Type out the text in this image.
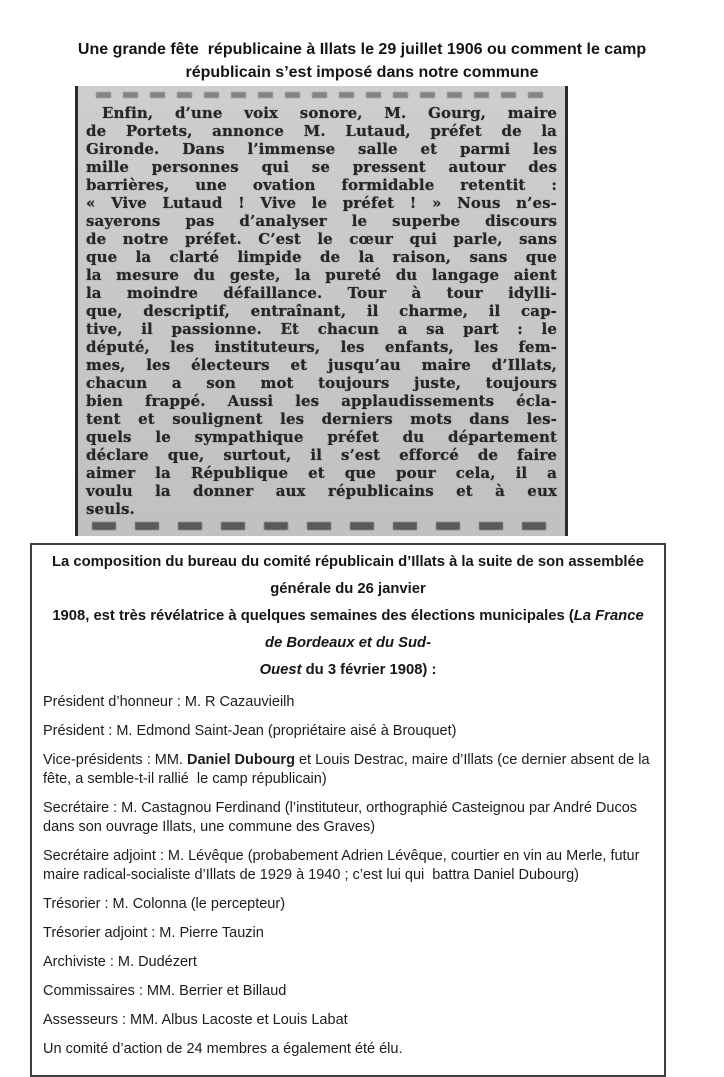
Une grande fête  républicaine à Illats le 29 juillet 1906 ou comment le camp
républicain s’est imposé dans notre commune
Enfin, d’une voix sonore, M. Gourg, maire
de Portets, annonce M. Lutaud, préfet de la
Gironde. Dans l’immense salle et parmi les
mille personnes qui se pressent autour des
barrières, une ovation formidable retentit :
« Vive Lutaud ! Vive le préfet ! » Nous n’es-
sayerons pas d’analyser le superbe discours
de notre préfet. C’est le cœur qui parle, sans
que la clarté limpide de la raison, sans que
la mesure du geste, la pureté du langage aient
la moindre défaillance. Tour à tour idylli-
que, descriptif, entraînant, il charme, il cap-
tive, il passionne. Et chacun a sa part : le
député, les instituteurs, les enfants, les fem-
mes, les électeurs et jusqu’au maire d’Illats,
chacun a son mot toujours juste, toujours
bien frappé. Aussi les applaudissements écla-
tent et soulignent les derniers mots dans les-
quels le sympathique préfet du département
déclare que, surtout, il s’est efforcé de faire
aimer la République et que pour cela, il a
voulu la donner aux républicains et à eux
seuls.
La composition du bureau du comité républicain d’Illats à la suite de son assemblée générale du 26 janvier
1908, est très révélatrice à quelques semaines des élections municipales (La France de Bordeaux et du Sud-
Ouest du 3 février 1908) :

Président d’honneur : M. R Cazauvieilh

Président : M. Edmond Saint-Jean (propriétaire aisé à Brouquet)

Vice-présidents : MM. Daniel Dubourg et Louis Destrac, maire d’Illats (ce dernier absent de la fête, a semble-t-il rallié  le camp républicain)

Secrétaire : M. Castagnou Ferdinand (l’instituteur, orthographié Casteignou par André Ducos dans son ouvrage Illats, une commune des Graves)

Secrétaire adjoint : M. Lévêque (probabement Adrien Lévêque, courtier en vin au Merle, futur maire radical-socialiste d’Illats de 1929 à 1940 ; c’est lui qui  battra Daniel Dubourg)

Trésorier : M. Colonna (le percepteur)

Trésorier adjoint : M. Pierre Tauzin

Archiviste : M. Dudézert

Commissaires : MM. Berrier et Billaud

Assesseurs : MM. Albus Lacoste et Louis Labat

Un comité d’action de 24 membres a également été élu.
